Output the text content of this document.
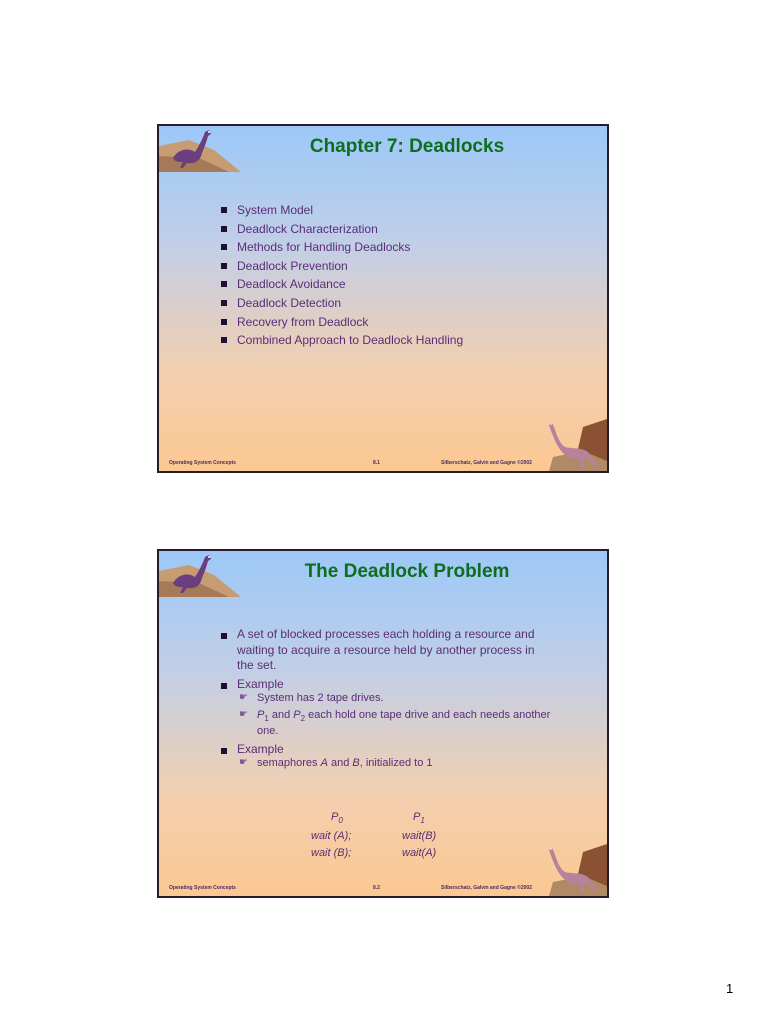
Chapter 7: Deadlocks
System Model
Deadlock Characterization
Methods for Handling Deadlocks
Deadlock Prevention
Deadlock Avoidance
Deadlock Detection
Recovery from Deadlock
Combined Approach to Deadlock Handling
Operating System Concepts	8.1	Silberschatz, Galvin and Gagne ©2002
The Deadlock Problem
A set of blocked processes each holding a resource and waiting to acquire a resource held by another process in the set.
Example
☛ System has 2 tape drives.
☛ $P_1$ and $P_2$ each hold one tape drive and each needs another one.
Example
☛ semaphores A and B, initialized to 1
$P_0$	$P_1$
wait (A);	wait(B)
wait (B);	wait(A)
Operating System Concepts	8.2	Silberschatz, Galvin and Gagne ©2002
1
